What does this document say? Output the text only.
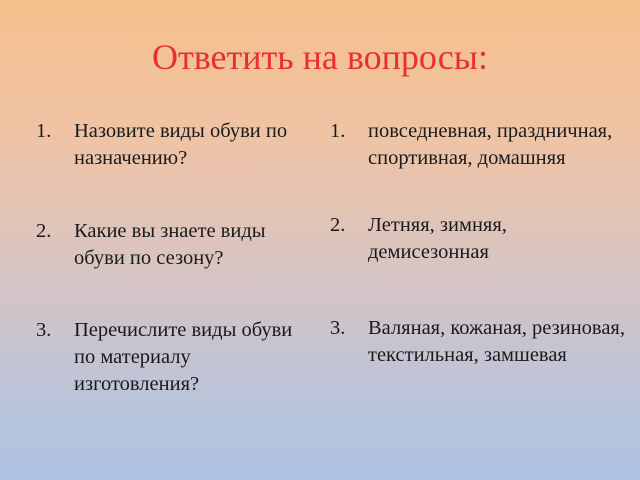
Ответить на вопросы:
1. Назовите виды обуви по назначению?
2. Какие вы знаете виды обуви по сезону?
3. Перечислите виды обуви по материалу изготовления?
1. повседневная, праздничная, спортивная, домашняя
2. Летняя, зимняя, демисезонная
3. Валяная, кожаная, резиновая, текстильная, замшевая
